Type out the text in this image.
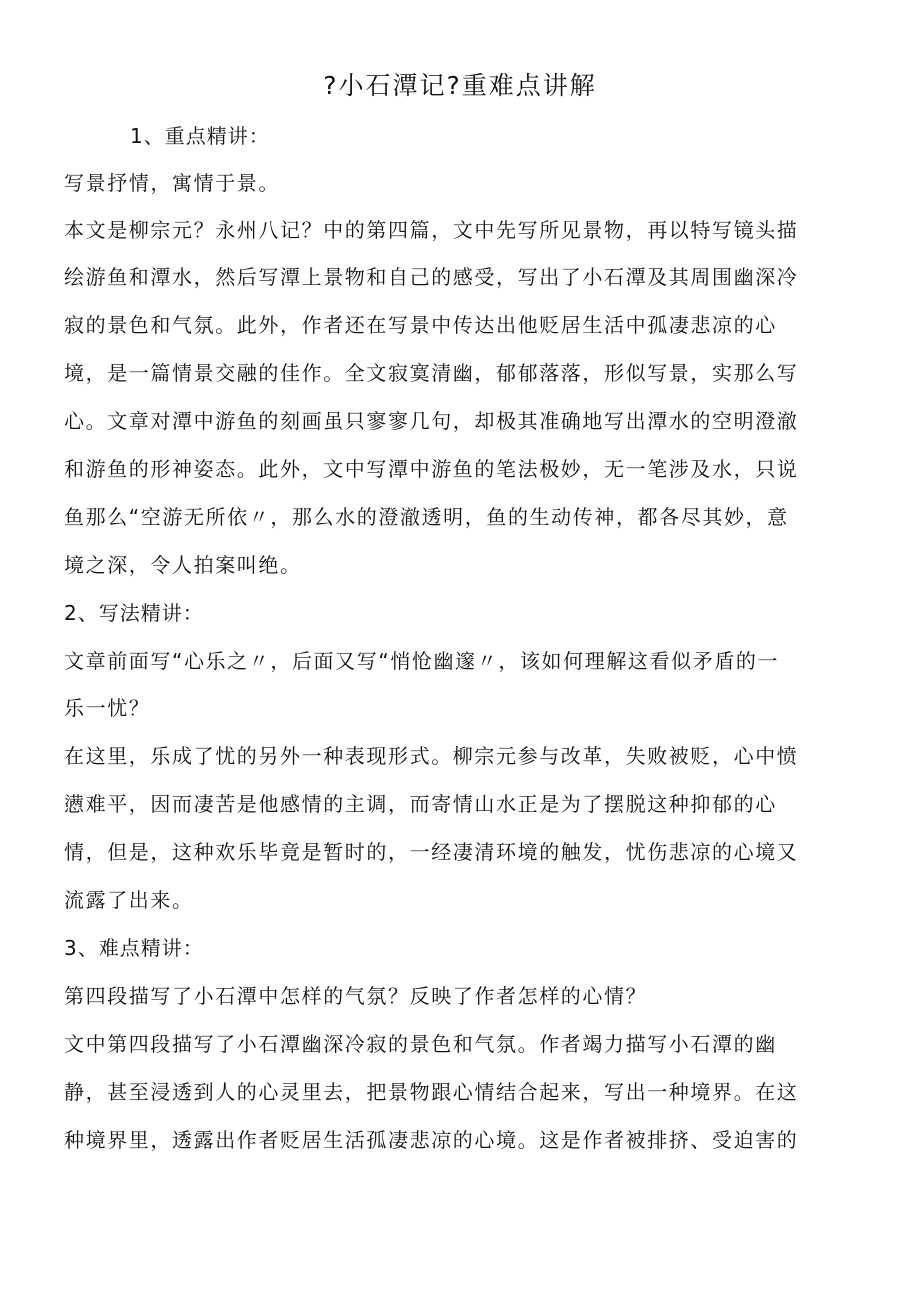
?小石潭记?重难点讲解
1、重点精讲：
写景抒情，寓情于景。
本文是柳宗元？永州八记？中的第四篇，文中先写所见景物，再以特写镜头描
绘游鱼和潭水，然后写潭上景物和自己的感受，写出了小石潭及其周围幽深冷
寂的景色和气氛。此外，作者还在写景中传达出他贬居生活中孤凄悲凉的心
境，是一篇情景交融的佳作。全文寂寞清幽，郁郁落落，形似写景，实那么写
心。文章对潭中游鱼的刻画虽只寥寥几句，却极其准确地写出潭水的空明澄澈
和游鱼的形神姿态。此外，文中写潭中游鱼的笔法极妙，无一笔涉及水，只说
鱼那么“空游无所依〃，那么水的澄澈透明，鱼的生动传神，都各尽其妙，意
境之深，令人拍案叫绝。
2、写法精讲：
文章前面写“心乐之〃，后面又写“悄怆幽邃〃，该如何理解这看似矛盾的一
乐一忧？
在这里，乐成了忧的另外一种表现形式。柳宗元参与改革，失败被贬，心中愤
懑难平，因而凄苦是他感情的主调，而寄情山水正是为了摆脱这种抑郁的心
情，但是，这种欢乐毕竟是暂时的，一经凄清环境的触发，忧伤悲凉的心境又
流露了出来。
3、难点精讲：
第四段描写了小石潭中怎样的气氛？反映了作者怎样的心情？
文中第四段描写了小石潭幽深冷寂的景色和气氛。作者竭力描写小石潭的幽
静，甚至浸透到人的心灵里去，把景物跟心情结合起来，写出一种境界。在这
种境界里，透露出作者贬居生活孤凄悲凉的心境。这是作者被排挤、受迫害的
